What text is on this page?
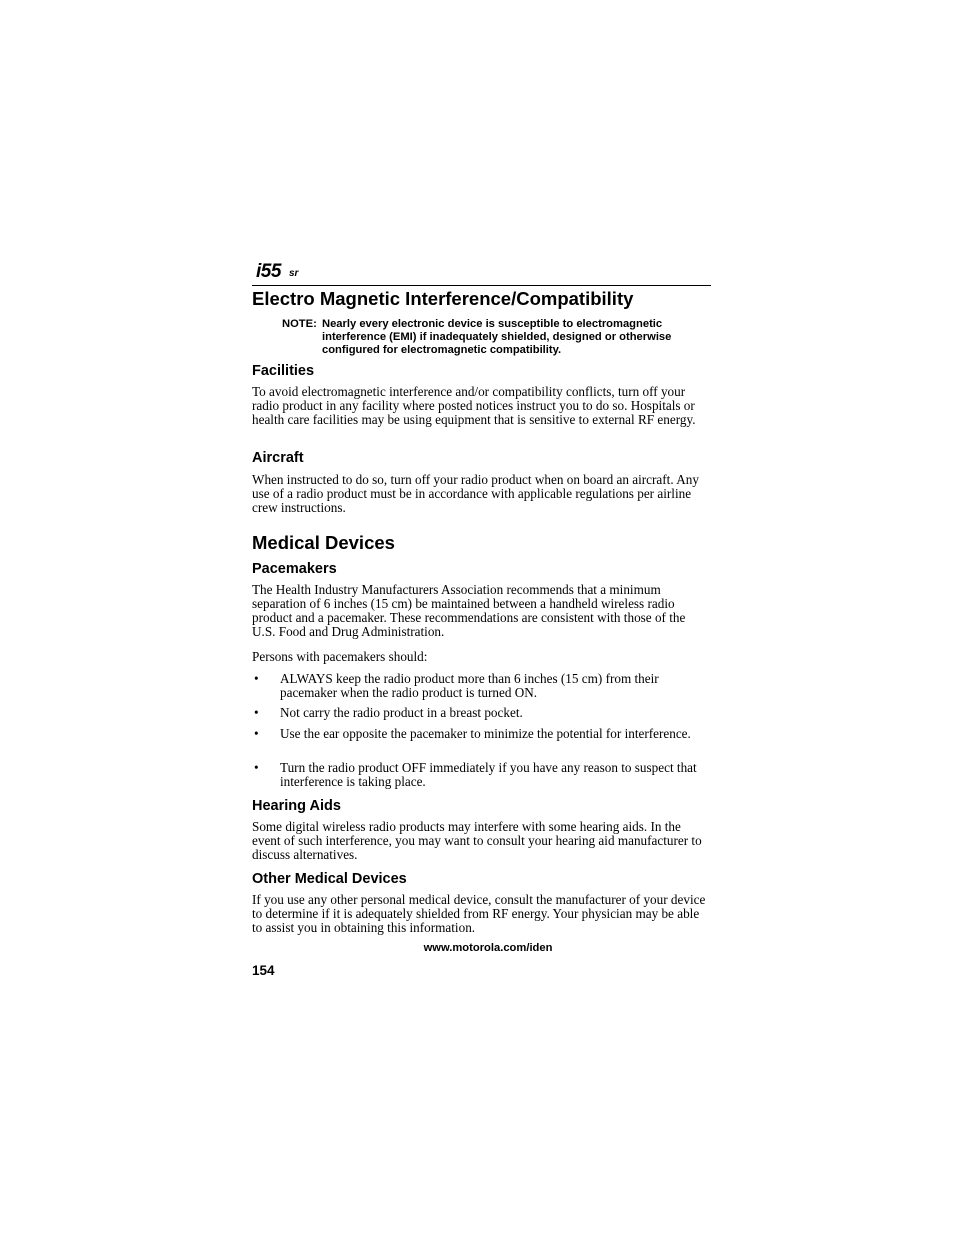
i55 sr
Electro Magnetic Interference/Compatibility
NOTE: Nearly every electronic device is susceptible to electromagnetic interference (EMI) if inadequately shielded, designed or otherwise configured for electromagnetic compatibility.
Facilities

To avoid electromagnetic interference and/or compatibility conflicts, turn off your radio product in any facility where posted notices instruct you to do so. Hospitals or health care facilities may be using equipment that is sensitive to external RF energy.

Aircraft

When instructed to do so, turn off your radio product when on board an aircraft. Any use of a radio product must be in accordance with applicable regulations per airline crew instructions.

Medical Devices
Pacemakers

The Health Industry Manufacturers Association recommends that a minimum separation of 6 inches (15 cm) be maintained between a handheld wireless radio product and a pacemaker. These recommendations are consistent with those of the U.S. Food and Drug Administration.

Persons with pacemakers should:

• ALWAYS keep the radio product more than 6 inches (15 cm) from their pacemaker when the radio product is turned ON.
• Not carry the radio product in a breast pocket.
• Use the ear opposite the pacemaker to minimize the potential for interference.
• Turn the radio product OFF immediately if you have any reason to suspect that interference is taking place.
Hearing Aids

Some digital wireless radio products may interfere with some hearing aids. In the event of such interference, you may want to consult your hearing aid manufacturer to discuss alternatives.

Other Medical Devices

If you use any other personal medical device, consult the manufacturer of your device to determine if it is adequately shielded from RF energy. Your physician may be able to assist you in obtaining this information.

www.motorola.com/iden
154
